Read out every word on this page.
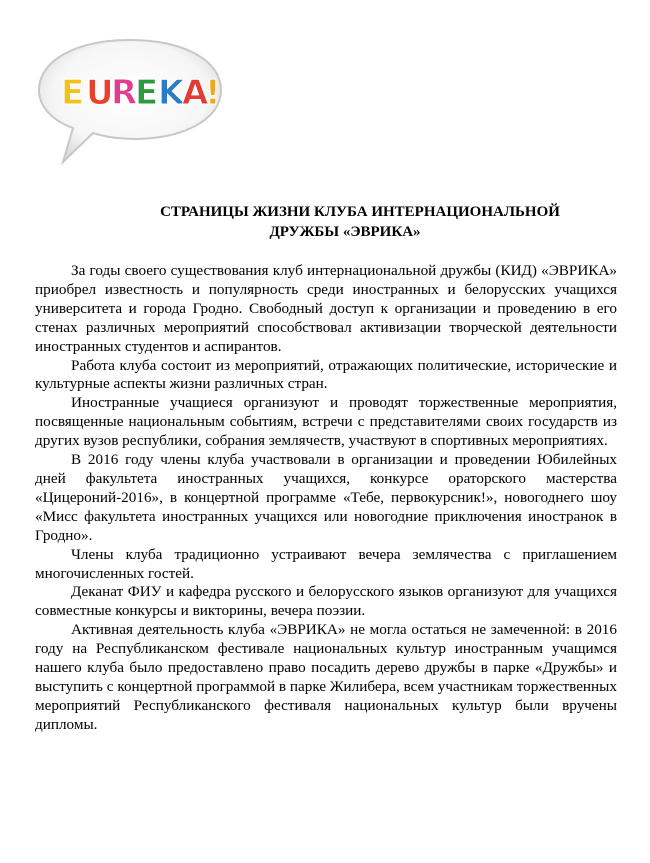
E U
R
E K
A
!
СТРАНИЦЫ ЖИЗНИ КЛУБА ИНТЕРНАЦИОНАЛЬНОЙ
ДРУЖБЫ «ЭВРИКА»

За годы своего существования клуб интернациональной дружбы (КИД) «ЭВРИКА» приобрел известность и популярность среди иностранных и белорусских учащихся университета и города Гродно. Свободный доступ к организации и проведению в его стенах различных мероприятий способствовал активизации творческой деятельности иностранных студентов и аспирантов.

Работа клуба состоит из мероприятий, отражающих политические, исторические и культурные аспекты жизни различных стран.

Иностранные учащиеся организуют и проводят торжественные мероприятия, посвященные национальным событиям, встречи с представителями своих государств из других вузов республики, собрания землячеств, участвуют в спортивных мероприятиях.

В 2016 году члены клуба участвовали в организации и проведении Юбилейных дней факультета иностранных учащихся, конкурсе ораторского мастерства «Цицероний-2016», в концертной программе «Тебе, первокурсник!», новогоднего шоу «Мисс факультета иностранных учащихся или новогодние приключения иностранок в Гродно».

Члены клуба традиционно устраивают вечера землячества с приглашением многочисленных гостей.

Деканат ФИУ и кафедра русского и белорусского языков организуют для учащихся совместные конкурсы и викторины, вечера поэзии.

Активная деятельность клуба «ЭВРИКА» не могла остаться не замеченной: в 2016 году на Республиканском фестивале национальных культур иностранным учащимся нашего клуба было предоставлено право посадить дерево дружбы в парке «Дружбы» и выступить с концертной программой в парке Жилибера, всем участникам торжественных мероприятий Республиканского фестиваля национальных культур были вручены дипломы.
